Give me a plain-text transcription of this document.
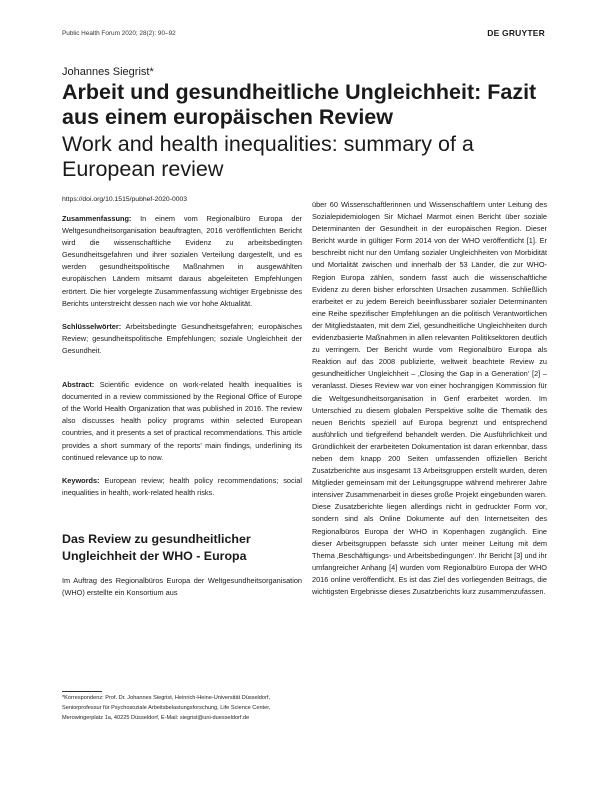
Public Health Forum 2020; 28(2): 90–92	DE GRUYTER
Johannes Siegrist*
Arbeit und gesundheitliche Ungleichheit: Fazit aus einem europäischen Review
Work and health inequalities: summary of a European review
https://doi.org/10.1515/pubhef-2020-0003

Zusammenfassung: In einem vom Regionalbüro Europa der Weltgesundheitsorganisation beauftragten, 2016 veröffentlichten Bericht wird die wissenschaftliche Evidenz zu arbeitsbedingten Gesundheitsgefahren und ihrer sozialen Verteilung dargestellt, und es werden gesundheitspolitische Maßnahmen in ausgewählten europäischen Ländern mitsamt daraus abgeleiteten Empfehlungen erörtert. Die hier vorgelegte Zusammenfassung wichtiger Ergebnisse des Berichts unterstreicht dessen nach wie vor hohe Aktualität.

Schlüsselwörter: Arbeitsbedingte Gesundheitsgefahren; europäisches Review; gesundheitspolitische Empfehlungen; soziale Ungleichheit der Gesundheit.

Abstract: Scientific evidence on work-related health inequalities is documented in a review commissioned by the Regional Office of Europe of the World Health Organization that was published in 2016. The review also discusses health policy programs within selected European countries, and it presents a set of practical recommendations. This article provides a short summary of the reports’ main findings, underlining its continued relevance up to now.

Keywords: European review; health policy recommendations; social inequalities in health, work-related health risks.

Das Review zu gesundheitlicher Ungleichheit der WHO - Europa

Im Auftrag des Regionalbüros Europa der Weltgesundheitsorganisation (WHO) erstellte ein Konsortium aus

*Korrespondenz: Prof. Dr. Johannes Siegrist, Heinrich-Heine-Universität Düsseldorf, Seniorprofessur für Psychosoziale Arbeitsbelastungsforschung, Life Science Center, Merowingerplatz 1a, 40225 Düsseldorf, E-Mail: siegrist@uni-duesseldorf.de

über 60 Wissenschaftlerinnen und Wissenschaftlern unter Leitung des Sozialepidemiologen Sir Michael Marmot einen Bericht über soziale Determinanten der Gesundheit in der europäischen Region. Dieser Bericht wurde in gültiger Form 2014 von der WHO veröffentlicht [1]. Er beschreibt nicht nur den Umfang sozialer Ungleichheiten von Morbidität und Mortalität zwischen und innerhalb der 53 Länder, die zur WHO-Region Europa zählen, sondern fasst auch die wissenschaftliche Evidenz zu deren bisher erforschten Ursachen zusammen. Schließlich erarbeitet er zu jedem Bereich beeinflussbarer sozialer Determinanten eine Reihe spezifischer Empfehlungen an die politisch Verantwortlichen der Mitgliedstaaten, mit dem Ziel, gesundheitliche Ungleichheiten durch evidenzbasierte Maßnahmen in allen relevanten Politiksektoren deutlich zu verringern. Der Bericht wurde vom Regionalbüro Europa als Reaktion auf das 2008 publizierte, weltweit beachtete Review zu gesundheitlicher Ungleichheit – ‚Closing the Gap in a Generation‘ [2] – veranlasst. Dieses Review war von einer hochrangigen Kommission für die Weltgesundheitsorganisation in Genf erarbeitet worden. Im Unterschied zu diesem globalen Perspektive sollte die Thematik des neuen Berichts speziell auf Europa begrenzt und entsprechend ausführlich und tiefgreifend behandelt werden. Die Ausführlichkeit und Gründlichkeit der erarbeiteten Dokumentation ist daran erkennbar, dass neben dem knapp 200 Seiten umfassenden offiziellen Bericht Zusatzberichte aus insgesamt 13 Arbeitsgruppen erstellt wurden, deren Mitglieder gemeinsam mit der Leitungsgruppe während mehrerer Jahre intensiver Zusammenarbeit in dieses große Projekt eingebunden waren. Diese Zusatzberichte liegen allerdings nicht in gedruckter Form vor, sondern sind als Online Dokumente auf den Internetseiten des Regionalbüros Europa der WHO in Kopenhagen zugänglich. Eine dieser Arbeitsgruppen befasste sich unter meiner Leitung mit dem Thema ‚Beschäftigungs- und Arbeitsbedingungen‘. Ihr Bericht [3] und ihr umfangreicher Anhang [4] wurden vom Regionalbüro Europa der WHO 2016 online veröffentlicht. Es ist das Ziel des vorliegenden Beitrags, die wichtigsten Ergebnisse dieses Zusatzberichts kurz zusammenzufassen.
